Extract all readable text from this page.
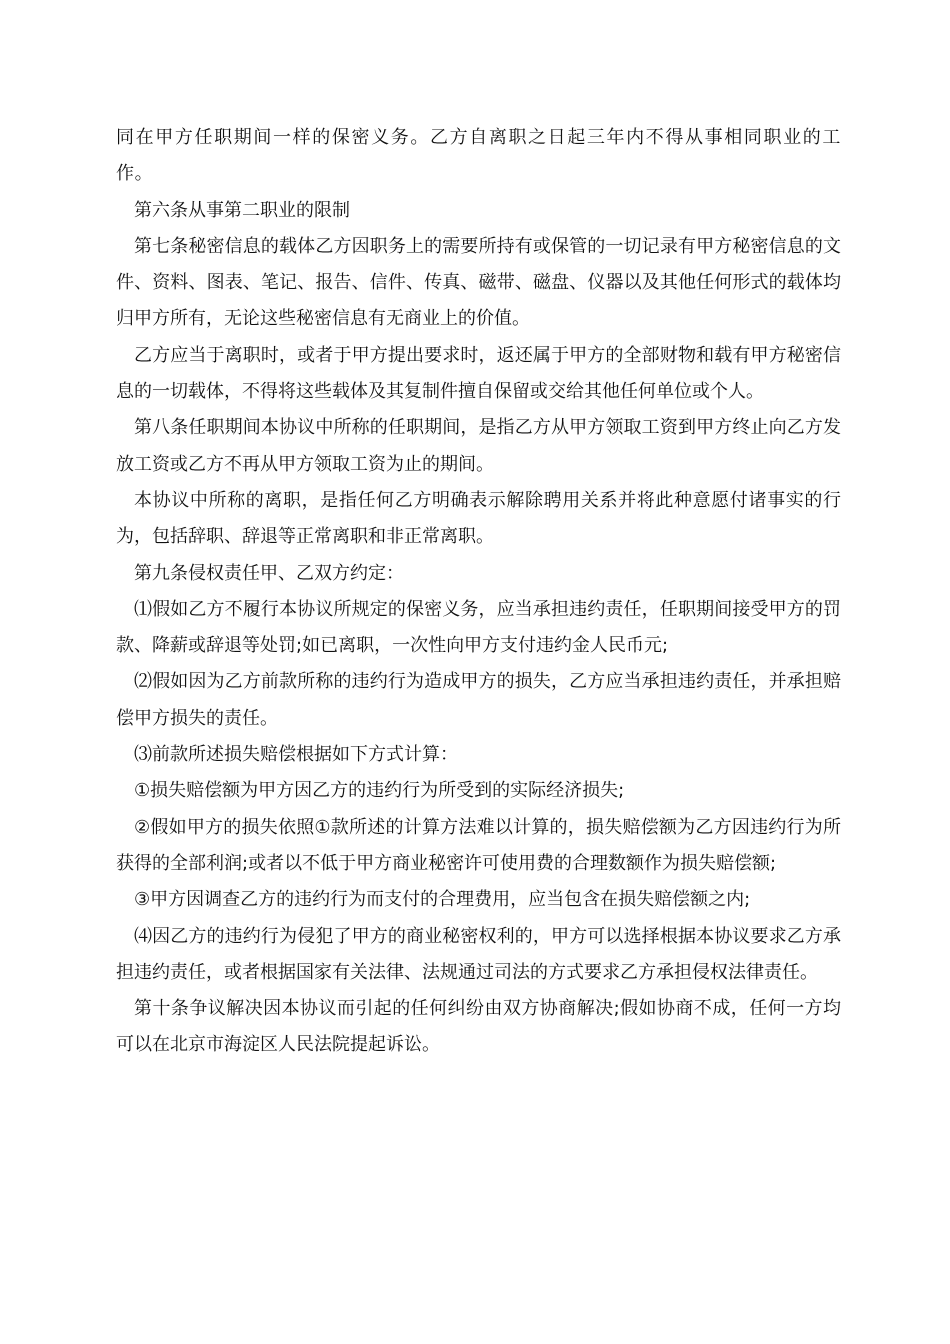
同在甲方任职期间一样的保密义务。乙方自离职之日起三年内不得从事相同职业的工作。

第六条从事第二职业的限制

第七条秘密信息的载体乙方因职务上的需要所持有或保管的一切记录有甲方秘密信息的文件、资料、图表、笔记、报告、信件、传真、磁带、磁盘、仪器以及其他任何形式的载体均归甲方所有，无论这些秘密信息有无商业上的价值。

乙方应当于离职时，或者于甲方提出要求时，返还属于甲方的全部财物和载有甲方秘密信息的一切载体，不得将这些载体及其复制件擅自保留或交给其他任何单位或个人。

第八条任职期间本协议中所称的任职期间，是指乙方从甲方领取工资到甲方终止向乙方发放工资或乙方不再从甲方领取工资为止的期间。

本协议中所称的离职，是指任何乙方明确表示解除聘用关系并将此种意愿付诸事实的行为，包括辞职、辞退等正常离职和非正常离职。

第九条侵权责任甲、乙双方约定：

⑴假如乙方不履行本协议所规定的保密义务，应当承担违约责任，任职期间接受甲方的罚款、降薪或辞退等处罚;如已离职，一次性向甲方支付违约金人民币元;

⑵假如因为乙方前款所称的违约行为造成甲方的损失，乙方应当承担违约责任，并承担赔偿甲方损失的责任。

⑶前款所述损失赔偿根据如下方式计算：

①损失赔偿额为甲方因乙方的违约行为所受到的实际经济损失;

②假如甲方的损失依照①款所述的计算方法难以计算的，损失赔偿额为乙方因违约行为所获得的全部利润;或者以不低于甲方商业秘密许可使用费的合理数额作为损失赔偿额;

③甲方因调查乙方的违约行为而支付的合理费用，应当包含在损失赔偿额之内;

⑷因乙方的违约行为侵犯了甲方的商业秘密权利的，甲方可以选择根据本协议要求乙方承担违约责任，或者根据国家有关法律、法规通过司法的方式要求乙方承担侵权法律责任。

第十条争议解决因本协议而引起的任何纠纷由双方协商解决;假如协商不成，任何一方均可以在北京市海淀区人民法院提起诉讼。
